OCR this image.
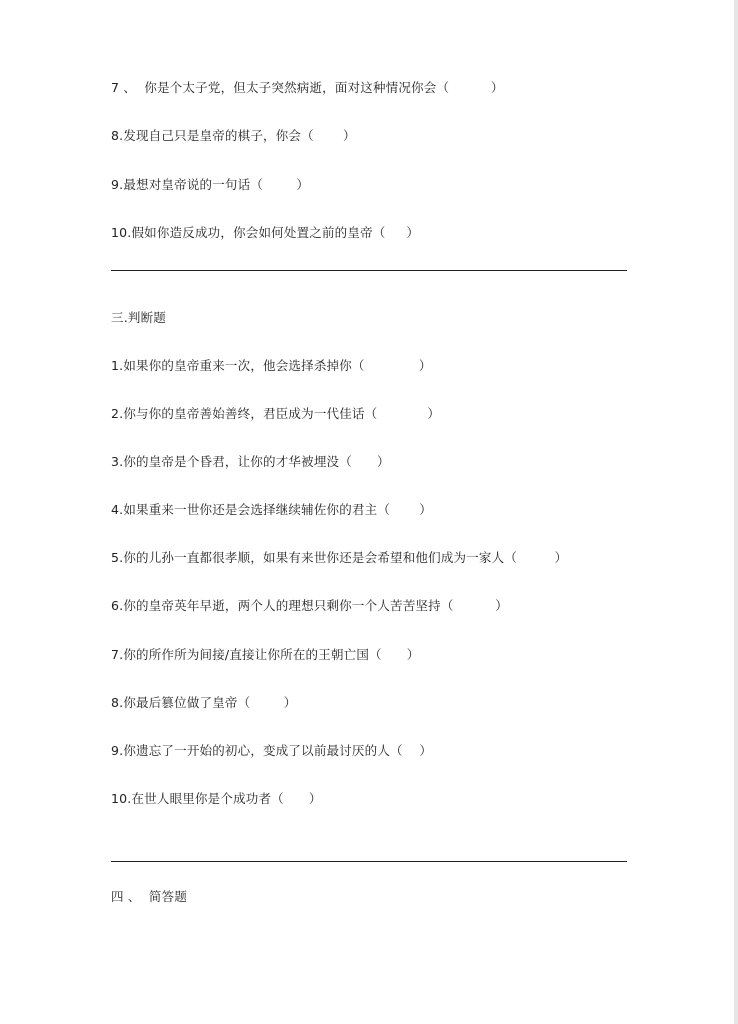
7 、  你是个太子党，但太子突然病逝，面对这种情况你会（          ）
8.发现自己只是皇帝的棋子，你会（       ）
9.最想对皇帝说的一句话（        ）
10.假如你造反成功，你会如何处置之前的皇帝（     ）
三.判断题
1.如果你的皇帝重来一次，他会选择杀掉你（             ）
2.你与你的皇帝善始善终，君臣成为一代佳话（            ）
3.你的皇帝是个昏君，让你的才华被埋没（      ）
4.如果重来一世你还是会选择继续辅佐你的君主（       ）
5.你的儿孙一直都很孝顺，如果有来世你还是会希望和他们成为一家人（         ）
6.你的皇帝英年早逝，两个人的理想只剩你一个人苦苦坚持（          ）
7.你的所作所为间接/直接让你所在的王朝亡国（      ）
8.你最后篡位做了皇帝（        ）
9.你遗忘了一开始的初心，变成了以前最讨厌的人（    ）
10.在世人眼里你是个成功者（      ）
四 、  简答题
